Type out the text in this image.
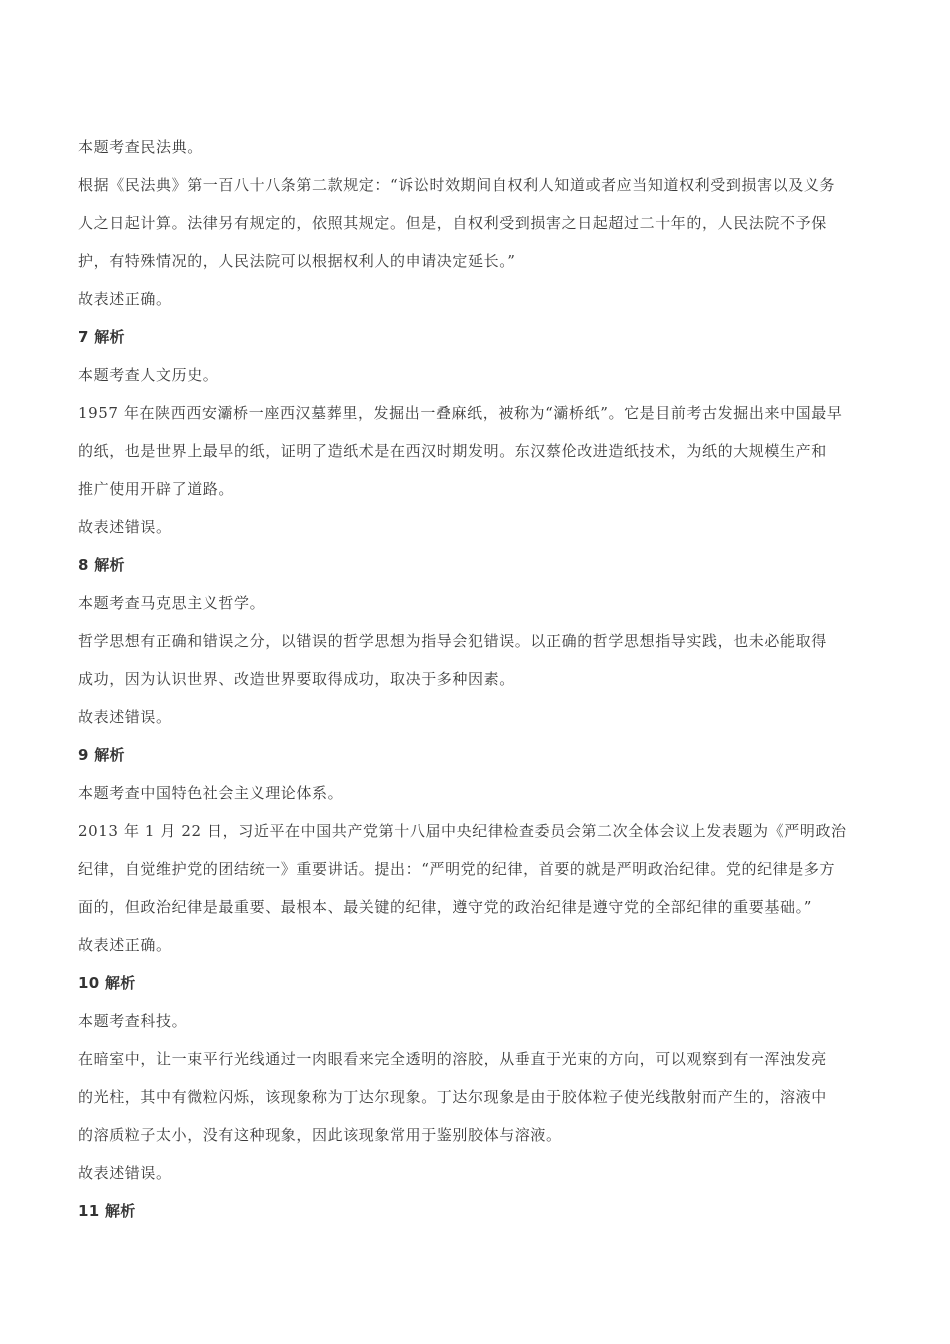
本题考查民法典。
根据《民法典》第一百八十八条第二款规定：“诉讼时效期间自权利人知道或者应当知道权利受到损害以及义务
人之日起计算。法律另有规定的，依照其规定。但是，自权利受到损害之日起超过二十年的，人民法院不予保
护，有特殊情况的，人民法院可以根据权利人的申请决定延长。”
故表述正确。
7 解析
本题考查人文历史。
1957 年在陕西西安灞桥一座西汉墓葬里，发掘出一叠麻纸，被称为“灞桥纸”。它是目前考古发掘出来中国最早
的纸，也是世界上最早的纸，证明了造纸术是在西汉时期发明。东汉蔡伦改进造纸技术，为纸的大规模生产和
推广使用开辟了道路。
故表述错误。
8 解析
本题考查马克思主义哲学。
哲学思想有正确和错误之分，以错误的哲学思想为指导会犯错误。以正确的哲学思想指导实践，也未必能取得
成功，因为认识世界、改造世界要取得成功，取决于多种因素。
故表述错误。
9 解析
本题考查中国特色社会主义理论体系。
2013 年 1 月 22 日，习近平在中国共产党第十八届中央纪律检查委员会第二次全体会议上发表题为《严明政治
纪律，自觉维护党的团结统一》重要讲话。提出：“严明党的纪律，首要的就是严明政治纪律。党的纪律是多方
面的，但政治纪律是最重要、最根本、最关键的纪律，遵守党的政治纪律是遵守党的全部纪律的重要基础。”
故表述正确。
10 解析
本题考查科技。
在暗室中，让一束平行光线通过一肉眼看来完全透明的溶胶，从垂直于光束的方向，可以观察到有一浑浊发亮
的光柱，其中有微粒闪烁，该现象称为丁达尔现象。丁达尔现象是由于胶体粒子使光线散射而产生的，溶液中
的溶质粒子太小，没有这种现象，因此该现象常用于鉴别胶体与溶液。
故表述错误。
11 解析
